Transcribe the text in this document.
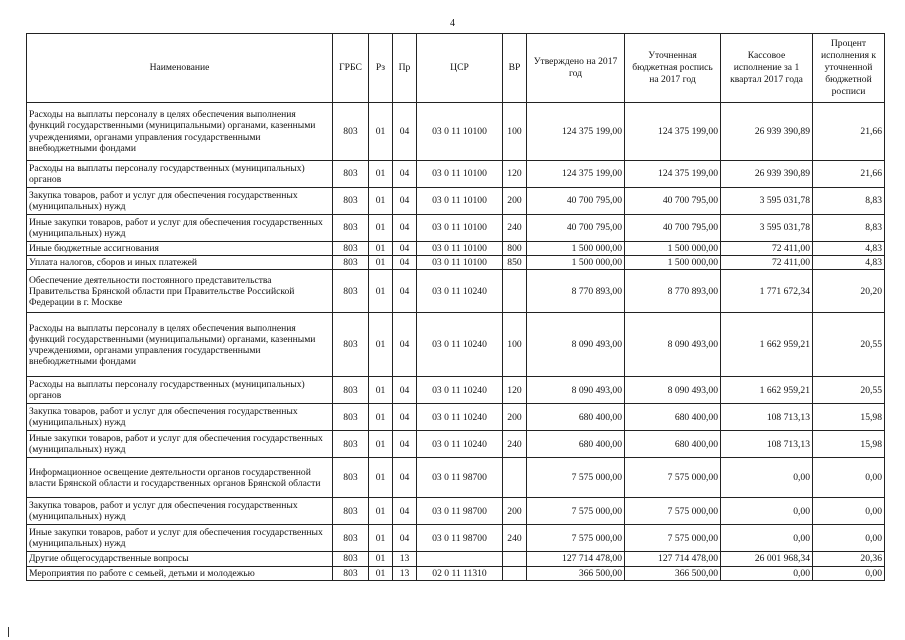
4
Наименование	ГРБС	Рз	Пр	ЦСР	ВР	Утверждено на 2017 год	Уточненная бюджетная роспись на 2017 год	Кассовое исполнение за 1 квартал 2017 года	Процент исполнения к уточненной бюджетной росписи
Расходы на выплаты персоналу в целях обеспечения выполнения функций государственными (муниципальными) органами, казенными учреждениями, органами управления государственными внебюджетными фондами	803	01	04	03 0 11 10100	100	124 375 199,00	124 375 199,00	26 939 390,89	21,66
Расходы на выплаты персоналу государственных (муниципальных) органов	803	01	04	03 0 11 10100	120	124 375 199,00	124 375 199,00	26 939 390,89	21,66
Закупка товаров, работ и услуг для обеспечения государственных (муниципальных) нужд	803	01	04	03 0 11 10100	200	40 700 795,00	40 700 795,00	3 595 031,78	8,83
Иные закупки товаров, работ и услуг для обеспечения государственных (муниципальных) нужд	803	01	04	03 0 11 10100	240	40 700 795,00	40 700 795,00	3 595 031,78	8,83
Иные бюджетные ассигнования	803	01	04	03 0 11 10100	800	1 500 000,00	1 500 000,00	72 411,00	4,83
Уплата налогов, сборов и иных платежей	803	01	04	03 0 11 10100	850	1 500 000,00	1 500 000,00	72 411,00	4,83
Обеспечение деятельности постоянного представительства Правительства Брянской области при Правительстве Российской Федерации в г. Москве	803	01	04	03 0 11 10240		8 770 893,00	8 770 893,00	1 771 672,34	20,20
Расходы на выплаты персоналу в целях обеспечения выполнения функций государственными (муниципальными) органами, казенными учреждениями, органами управления государственными внебюджетными фондами	803	01	04	03 0 11 10240	100	8 090 493,00	8 090 493,00	1 662 959,21	20,55
Расходы на выплаты персоналу государственных (муниципальных) органов	803	01	04	03 0 11 10240	120	8 090 493,00	8 090 493,00	1 662 959,21	20,55
Закупка товаров, работ и услуг для обеспечения государственных (муниципальных) нужд	803	01	04	03 0 11 10240	200	680 400,00	680 400,00	108 713,13	15,98
Иные закупки товаров, работ и услуг для обеспечения государственных (муниципальных) нужд	803	01	04	03 0 11 10240	240	680 400,00	680 400,00	108 713,13	15,98
Информационное освещение деятельности органов государственной власти Брянской области и государственных органов Брянской области	803	01	04	03 0 11 98700		7 575 000,00	7 575 000,00	0,00	0,00
Закупка товаров, работ и услуг для обеспечения государственных (муниципальных) нужд	803	01	04	03 0 11 98700	200	7 575 000,00	7 575 000,00	0,00	0,00
Иные закупки товаров, работ и услуг для обеспечения государственных (муниципальных) нужд	803	01	04	03 0 11 98700	240	7 575 000,00	7 575 000,00	0,00	0,00
Другие общегосударственные вопросы	803	01	13			127 714 478,00	127 714 478,00	26 001 968,34	20,36
Мероприятия по работе с семьей, детьми и молодежью	803	01	13	02 0 11 11310		366 500,00	366 500,00	0,00	0,00
